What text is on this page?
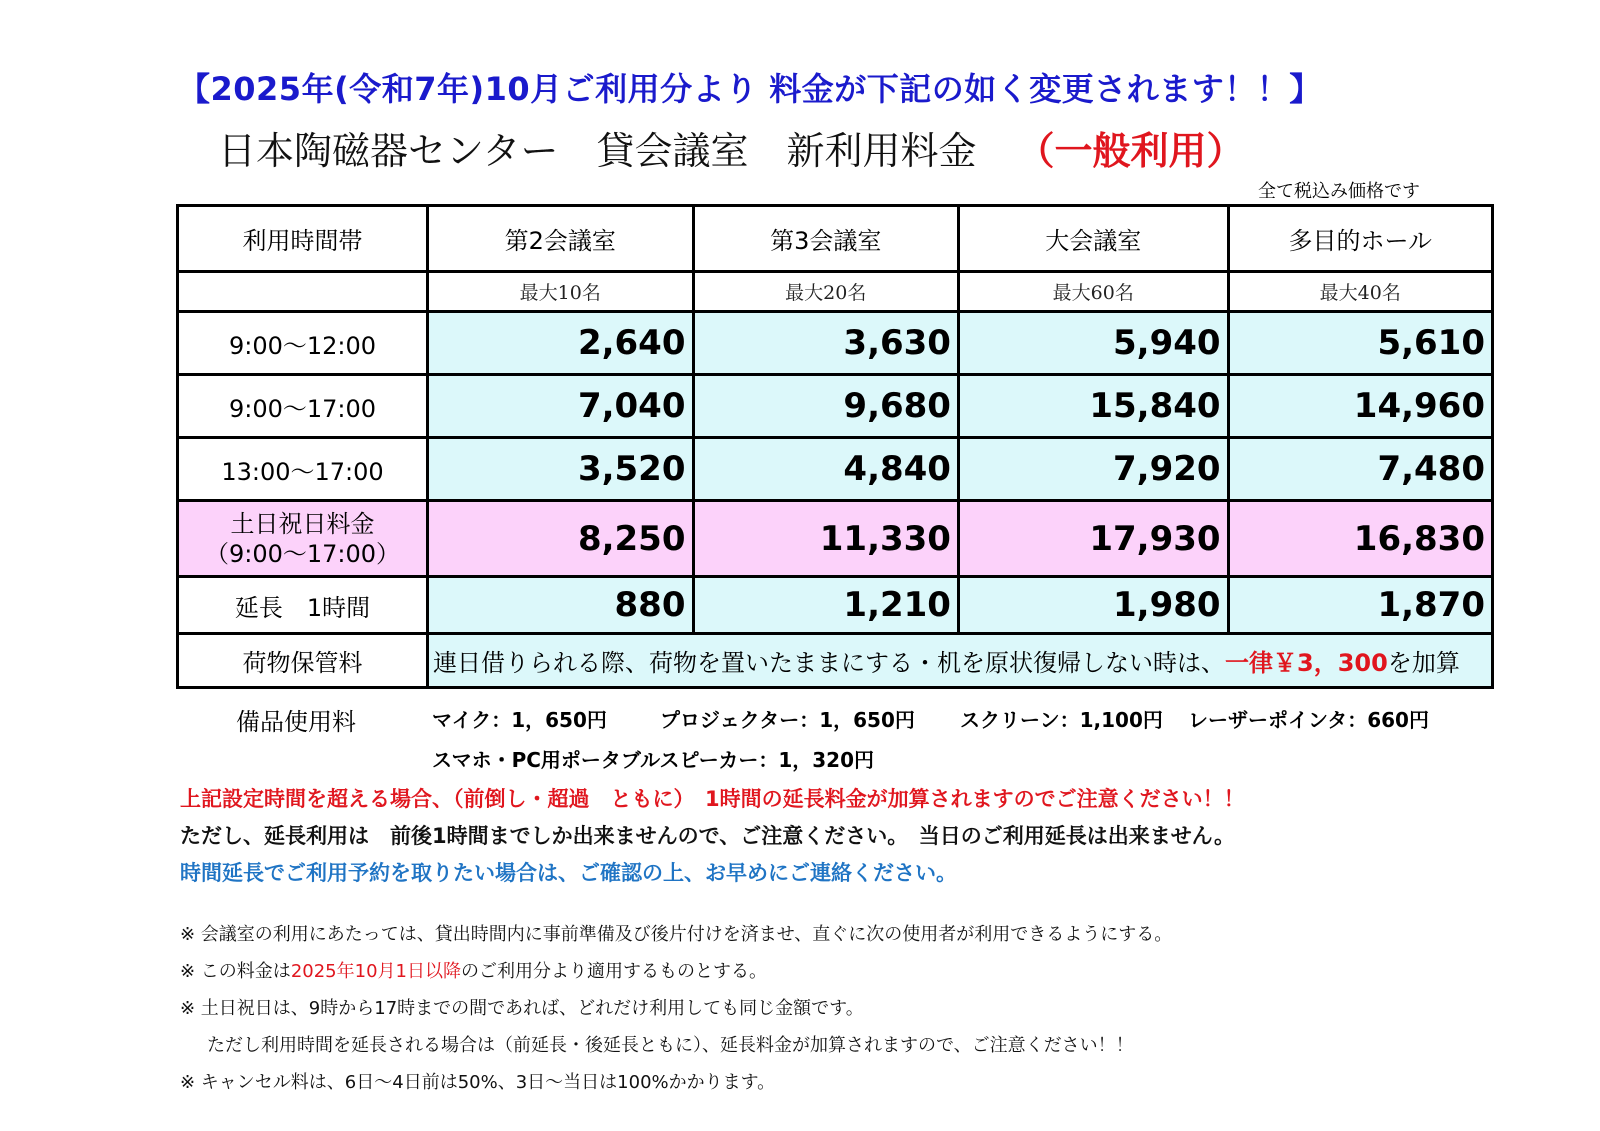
【2025年(令和7年)10月ご利用分より 料金が下記の如く変更されます！！】
日本陶磁器センター　貸会議室　新利用料金 （一般利用）
全て税込み価格です
利用時間帯	第2会議室	第3会議室	大会議室	多目的ホール
	最大10名	最大20名	最大60名	最大40名
9:00～12:00	2,640	3,630	5,940	5,610
9:00～17:00	7,040	9,680	15,840	14,960
13:00～17:00	3,520	4,840	7,920	7,480

土日祝日料金
（9:00～17:00）	8,250	11,330	17,930	16,830
延長　1時間	880	1,210	1,980	1,870
荷物保管料	連日借りられる際、荷物を置いたままにする・机を原状復帰しない時は、一律￥3，300を加算			
備品使用料	マイク：1，650円	プロジェクター：1，650円 スクリーン：1,100円 レーザーポインタ：660円
スマホ・PC用ポータブルスピーカー：1，320円
上記設定時間を超える場合、（前倒し・超過　ともに）　1時間の延長料金が加算されますのでご注意ください！！
ただし、延長利用は　前後1時間までしか出来ませんので、ご注意ください。　当日のご利用延長は出来ません。
時間延長でご利用予約を取りたい場合は、ご確認の上、お早めにご連絡ください。
※ 会議室の利用にあたっては、貸出時間内に事前準備及び後片付けを済ませ、直ぐに次の使用者が利用できるようにする。
※ この料金は2025年10月1日以降のご利用分より適用するものとする。
※ 土日祝日は、9時から17時までの間であれば、どれだけ利用しても同じ金額です。
ただし利用時間を延長される場合は（前延長・後延長ともに）、延長料金が加算されますので、ご注意ください！！
※ キャンセル料は、6日～4日前は50%、3日～当日は100%かかります。
